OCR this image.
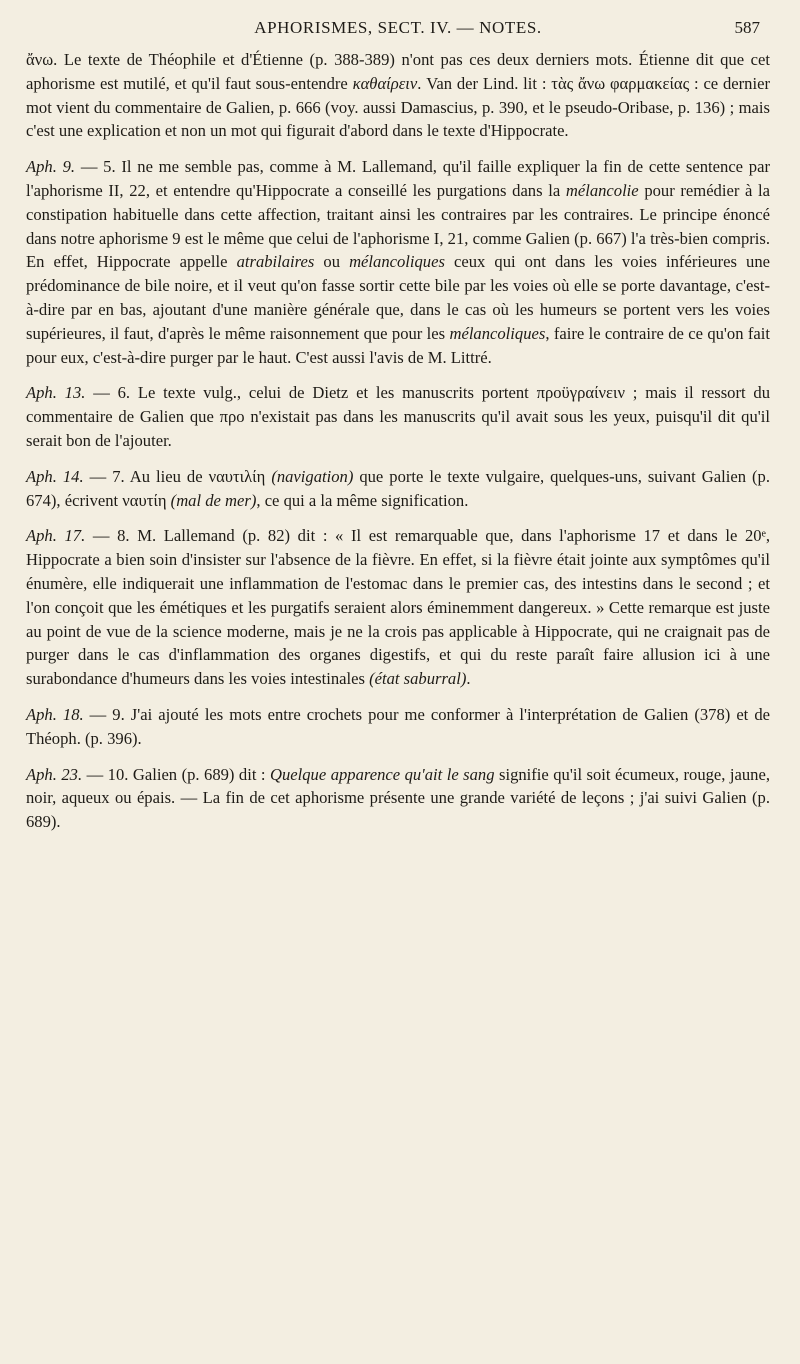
APHORISMES, SECT. IV. — NOTES.	587

ἄνω. Le texte de Théophile et d'Étienne (p. 388-389) n'ont pas ces deux derniers mots. Étienne dit que cet aphorisme est mutilé, et qu'il faut sous-entendre καθαίρειν. Van der Lind. lit : τὰς ἄνω φαρμακείας : ce dernier mot vient du commentaire de Galien, p. 666 (voy. aussi Damascius, p. 390, et le pseudo-Oribase, p. 136) ; mais c'est une explication et non un mot qui figurait d'abord dans le texte d'Hippocrate.

Aph. 9. — 5. Il ne me semble pas, comme à M. Lallemand, qu'il faille expliquer la fin de cette sentence par l'aphorisme II, 22, et entendre qu'Hippocrate a conseillé les purgations dans la mélancolie pour remédier à la constipation habituelle dans cette affection, traitant ainsi les contraires par les contraires. Le principe énoncé dans notre aphorisme 9 est le même que celui de l'aphorisme I, 21, comme Galien (p. 667) l'a très-bien compris. En effet, Hippocrate appelle atrabilaires ou mélancoliques ceux qui ont dans les voies inférieures une prédominance de bile noire, et il veut qu'on fasse sortir cette bile par les voies où elle se porte davantage, c'est-à-dire par en bas, ajoutant d'une manière générale que, dans le cas où les humeurs se portent vers les voies supérieures, il faut, d'après le même raisonnement que pour les mélancoliques, faire le contraire de ce qu'on fait pour eux, c'est-à-dire purger par le haut. C'est aussi l'avis de M. Littré.

Aph. 13. — 6. Le texte vulg., celui de Dietz et les manuscrits portent προϋγραίνειν ; mais il ressort du commentaire de Galien que προ n'existait pas dans les manuscrits qu'il avait sous les yeux, puisqu'il dit qu'il serait bon de l'ajouter.

Aph. 14. — 7. Au lieu de ναυτιλίη (navigation) que porte le texte vulgaire, quelques-uns, suivant Galien (p. 674), écrivent ναυτίη (mal de mer), ce qui a la même signification.

Aph. 17. — 8. M. Lallemand (p. 82) dit : « Il est remarquable que, dans l'aphorisme 17 et dans le 20ᵉ, Hippocrate a bien soin d'insister sur l'absence de la fièvre. En effet, si la fièvre était jointe aux symptômes qu'il énumère, elle indiquerait une inflammation de l'estomac dans le premier cas, des intestins dans le second ; et l'on conçoit que les émétiques et les purgatifs seraient alors éminemment dangereux. » Cette remarque est juste au point de vue de la science moderne, mais je ne la crois pas applicable à Hippocrate, qui ne craignait pas de purger dans le cas d'inflammation des organes digestifs, et qui du reste paraît faire allusion ici à une surabondance d'humeurs dans les voies intestinales (état saburral).

Aph. 18. — 9. J'ai ajouté les mots entre crochets pour me conformer à l'interprétation de Galien (378) et de Théoph. (p. 396).

Aph. 23. — 10. Galien (p. 689) dit : Quelque apparence qu'ait le sang signifie qu'il soit écumeux, rouge, jaune, noir, aqueux ou épais. — La fin de cet aphorisme présente une grande variété de leçons ; j'ai suivi Galien (p. 689).
